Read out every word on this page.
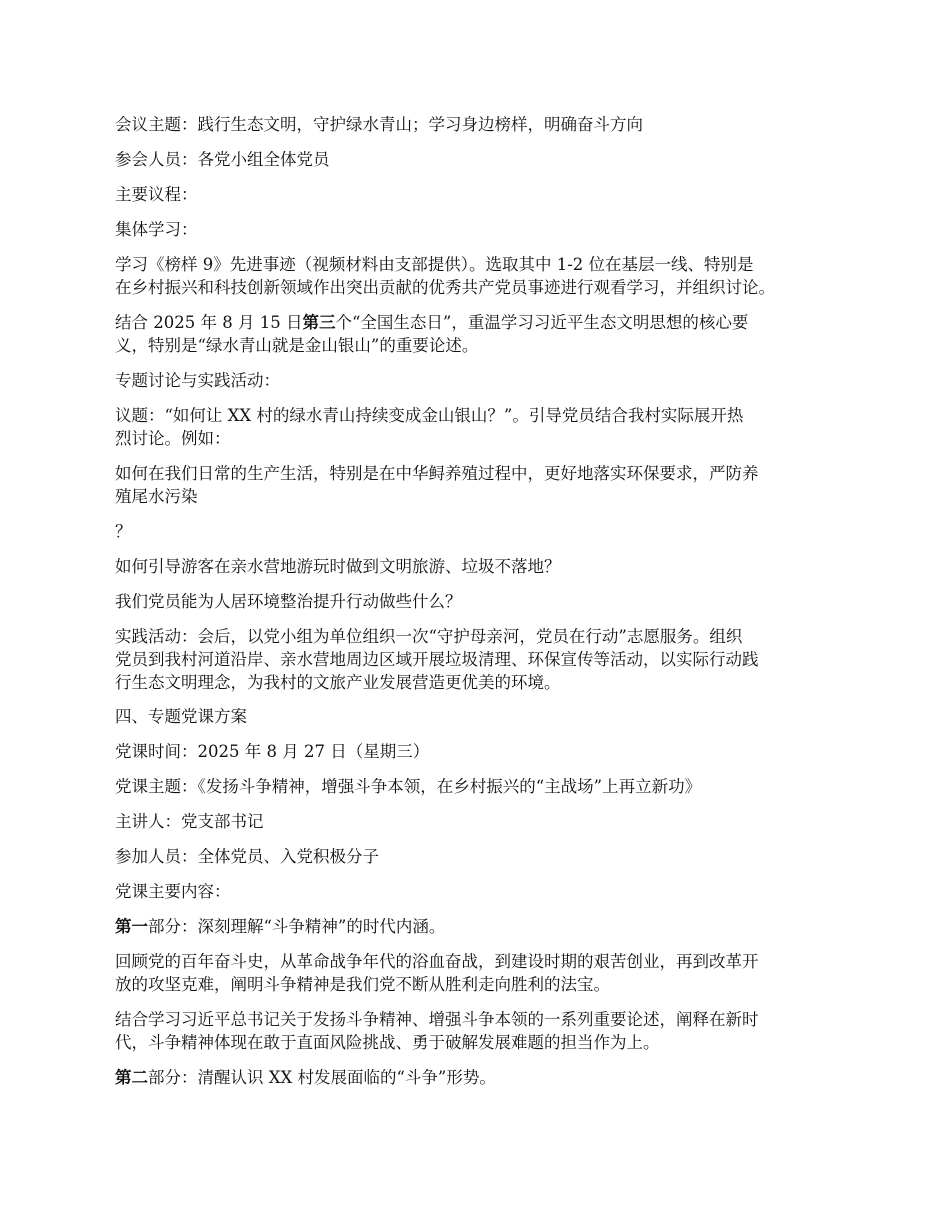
会议主题：践行生态文明，守护绿水青山；学习身边榜样，明确奋斗方向

参会人员：各党小组全体党员

主要议程：

集体学习：

学习《榜样 9》先进事迹（视频材料由支部提供）。选取其中 1-2 位在基层一线、特别是
在乡村振兴和科技创新领域作出突出贡献的优秀共产党员事迹进行观看学习，并组织讨论。

结合 2025 年 8 月 15 日第三个“全国生态日”，重温学习习近平生态文明思想的核心要
义，特别是“绿水青山就是金山银山”的重要论述。

专题讨论与实践活动：

议题：“如何让 XX 村的绿水青山持续变成金山银山？”。引导党员结合我村实际展开热
烈讨论。例如：

如何在我们日常的生产生活，特别是在中华鲟养殖过程中，更好地落实环保要求，严防养
殖尾水污染

？

如何引导游客在亲水营地游玩时做到文明旅游、垃圾不落地？

我们党员能为人居环境整治提升行动做些什么？

实践活动：会后，以党小组为单位组织一次“守护母亲河，党员在行动”志愿服务。组织
党员到我村河道沿岸、亲水营地周边区域开展垃圾清理、环保宣传等活动，以实际行动践
行生态文明理念，为我村的文旅产业发展营造更优美的环境。

四、专题党课方案

党课时间：2025 年 8 月 27 日（星期三）

党课主题：《发扬斗争精神，增强斗争本领，在乡村振兴的“主战场”上再立新功》

主讲人：党支部书记

参加人员：全体党员、入党积极分子

党课主要内容：

第一部分：深刻理解“斗争精神”的时代内涵。

回顾党的百年奋斗史，从革命战争年代的浴血奋战，到建设时期的艰苦创业，再到改革开
放的攻坚克难，阐明斗争精神是我们党不断从胜利走向胜利的法宝。

结合学习习近平总书记关于发扬斗争精神、增强斗争本领的一系列重要论述，阐释在新时
代，斗争精神体现在敢于直面风险挑战、勇于破解发展难题的担当作为上。

第二部分：清醒认识 XX 村发展面临的“斗争”形势。
